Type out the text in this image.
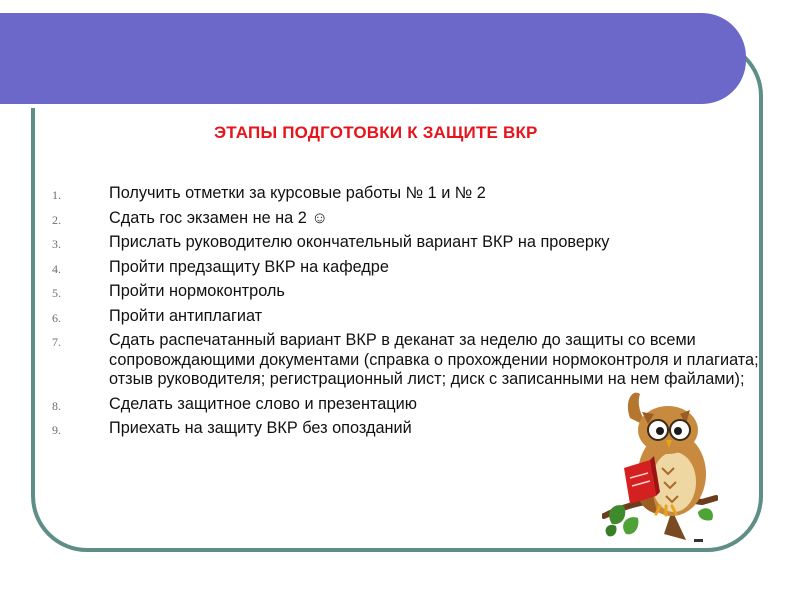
ЭТАПЫ ПОДГОТОВКИ К ЗАЩИТЕ ВКР
1.	Получить отметки за курсовые работы № 1 и № 2
2.	Сдать гос экзамен не на 2 ☺
3.	Прислать руководителю окончательный вариант ВКР на проверку
4.	Пройти предзащиту ВКР на кафедре
5.	Пройти нормоконтроль
6.	Пройти антиплагиат
7.	Сдать распечатанный вариант ВКР в деканат за неделю до защиты со всеми сопровождающими документами (справка о прохождении нормоконтроля и плагиата; отзыв руководителя; регистрационный лист; диск с записанными на нем файлами);
8.	Сделать защитное слово и презентацию
9.	Приехать на защиту ВКР без опозданий
